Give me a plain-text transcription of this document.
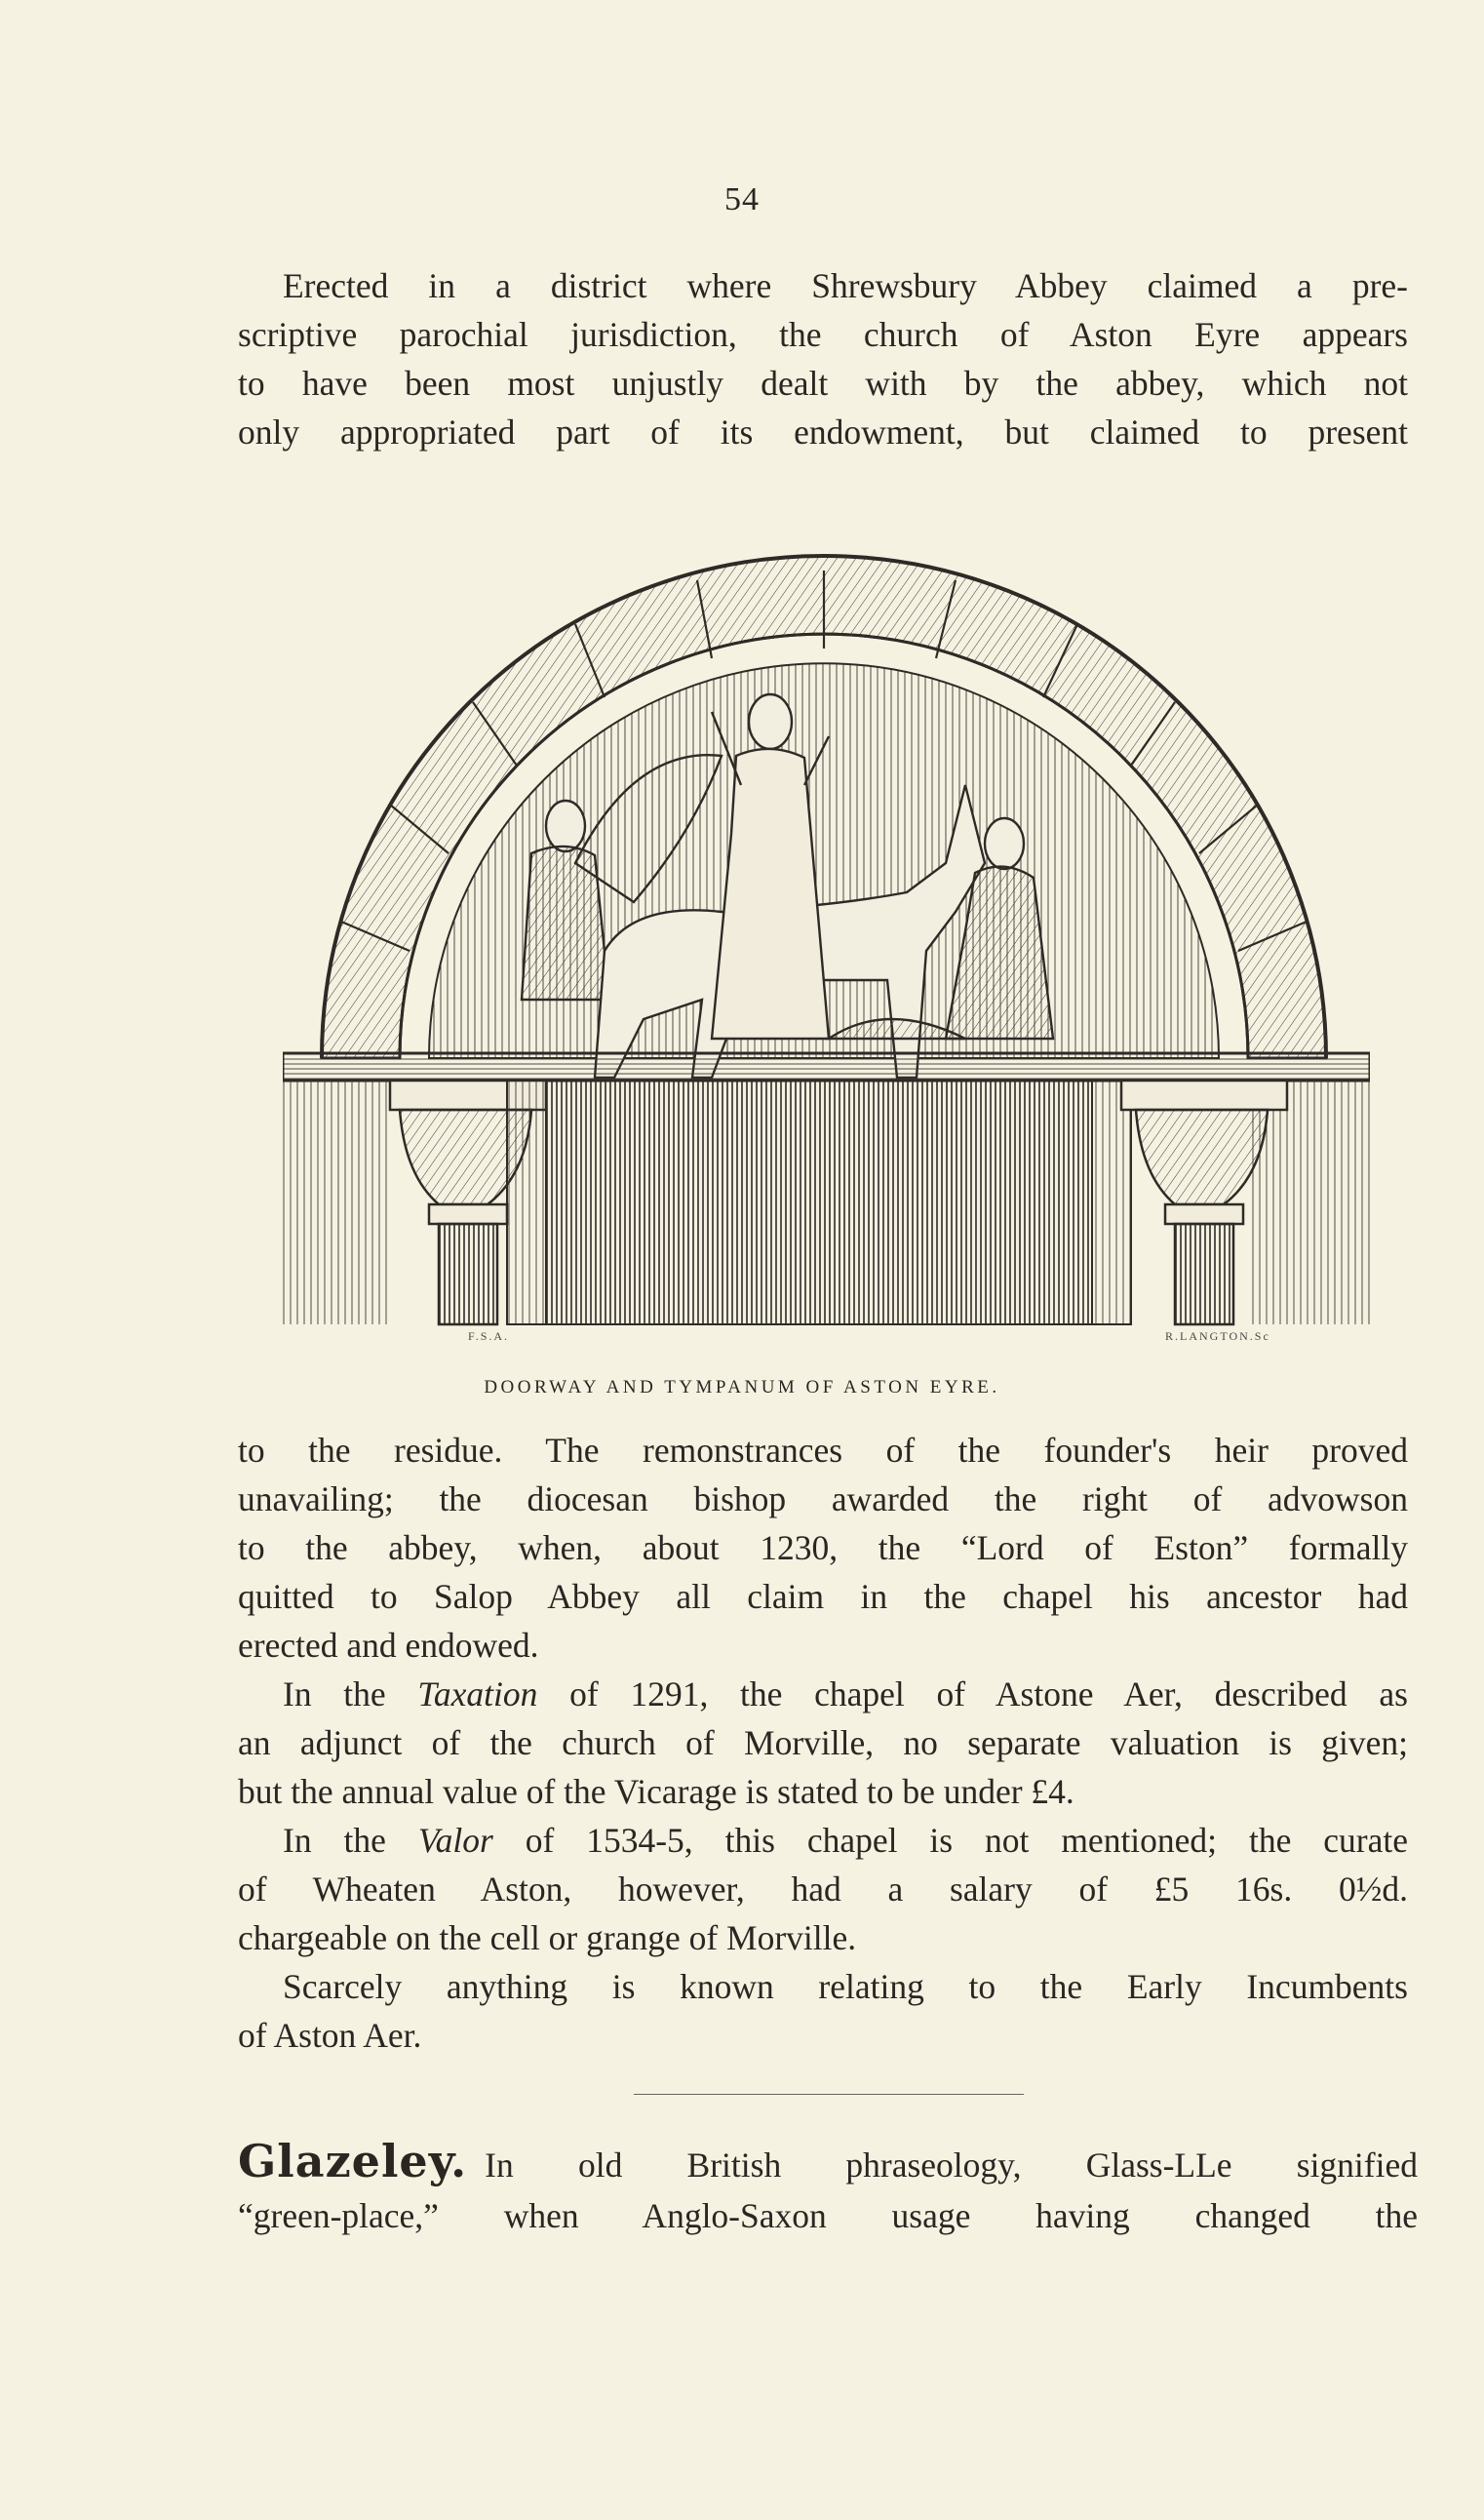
54
Erected in a district where Shrewsbury Abbey claimed a pre-
scriptive parochial jurisdiction, the church of Aston Eyre appears
to have been most unjustly dealt with by the abbey, which not
only appropriated part of its endowment, but claimed to present
F.S.A.	R.LANGTON.Sc
DOORWAY AND TYMPANUM OF ASTON EYRE.
to the residue. The remonstrances of the founder's heir proved
unavailing; the diocesan bishop awarded the right of advowson
to the abbey, when, about 1230, the “Lord of Eston” formally
quitted to Salop Abbey all claim in the chapel his ancestor had
erected and endowed.
In the Taxation of 1291, the chapel of Astone Aer, described as
an adjunct of the church of Morville, no separate valuation is given;
but the annual value of the Vicarage is stated to be under £4.
In the Valor of 1534-5, this chapel is not mentioned; the curate
of Wheaten Aston, however, had a salary of £5 16s. 0½d.
chargeable on the cell or grange of Morville.
Scarcely anything is known relating to the Early Incumbents
of Aston Aer.
Glazeley. In old British phraseology, Glass-LLe signified
“green-place,” when Anglo-Saxon usage having changed the
